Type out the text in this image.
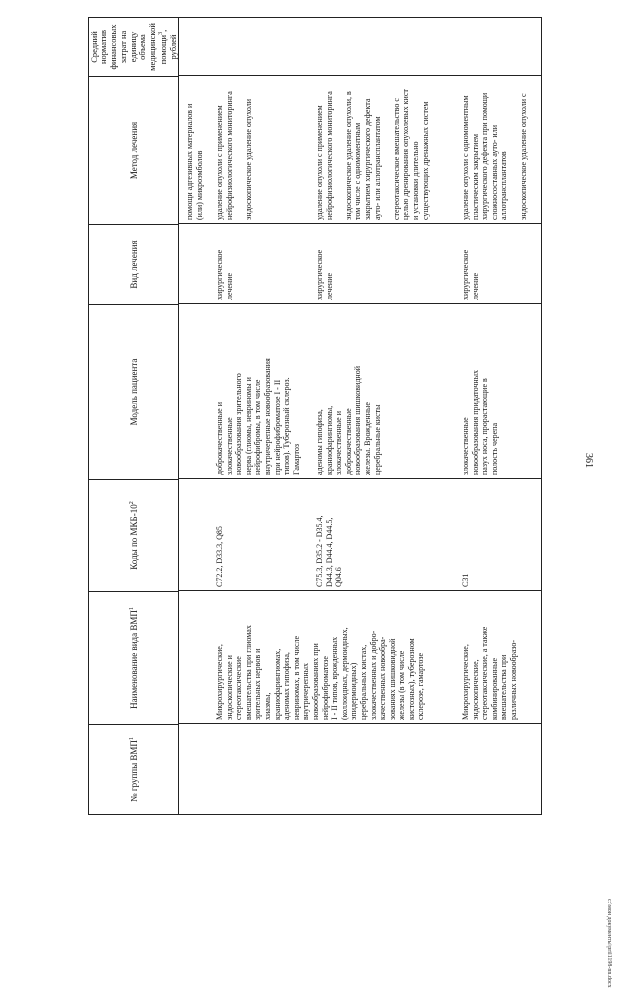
361
№ группы ВМП$^1$
Наименование вида ВМП$^1$
Коды по МКБ-$10^2$
Модель пациента
Вид лечения
Метод лечения
Средний норматив финансовых затрат на единицу объема медицинской помощи$^3$, рублей
помощи адгезивных материалов и
(или) микроэмболов
Микрохирургические,
эндоскопические и
стереотаксические
вмешательства при глиомах
зрительных нервов и
хиазмы,
краниофарингиомах,
аденомах гипофиза,
невриномах, в том числе
внутричерепных
новообразованиях при
нейрофиброматозе
I - II типов, врожденных
(коллоидных, дермоидных,
эпидермоидных)
церебральных кистах,
злокачественных и добро-
качественных новообра-
зованиях шишковидной
железы (в том числе
кистозных), туберозном
склерозе, гамартозе
C72.2, D33.3, Q85
доброкачественные и
злокачественные
новообразования зрительного
нерва (глиомы, невриномы и
нейрофибромы, в том числе
внутричерепные новообразования
при нейрофиброматозе I - II
типов). Туберозный склероз.
Гамартоз
хирургическое
лечение
удаление опухоли с применением
нейрофизиологического мониторинга

эндоскопическое удаление опухоли
C75.3, D35.2 - D35.4,
D44.3, D44.4, D44.5,
Q04.6
аденомы гипофиза,
краниофарингиомы,
злокачественные и
доброкачественные
новообразования шишковидной
железы. Врожденные
церебральные кисты
хирургическое
лечение
удаление опухоли с применением
нейрофизиологического мониторинга

эндоскопическое удаление опухоли, в
том числе с одномоментным
закрытием хирургического дефекта
ауто- или аллотрансплантатом

стереотаксическое вмешательство с
целью дренирования опухолевых кист
и установки длительно
существующих дренажных систем
Микрохирургические,
эндоскопические,
стереотаксические, а также
комбинированные
вмешательства при
различных новообразо-
C31
злокачественные
новообразования придаточных
пазух носа, прорастающие в
полость черепа
хирургическое
лечение
удаление опухоли с одномоментным
пластическим закрытием
хирургического дефекта при помощи
сложносоставных ауто- или
аллотрансплантатов

эндоскопическое удаление опухоли с
c:\мои документы\pril1198-nn.docx
